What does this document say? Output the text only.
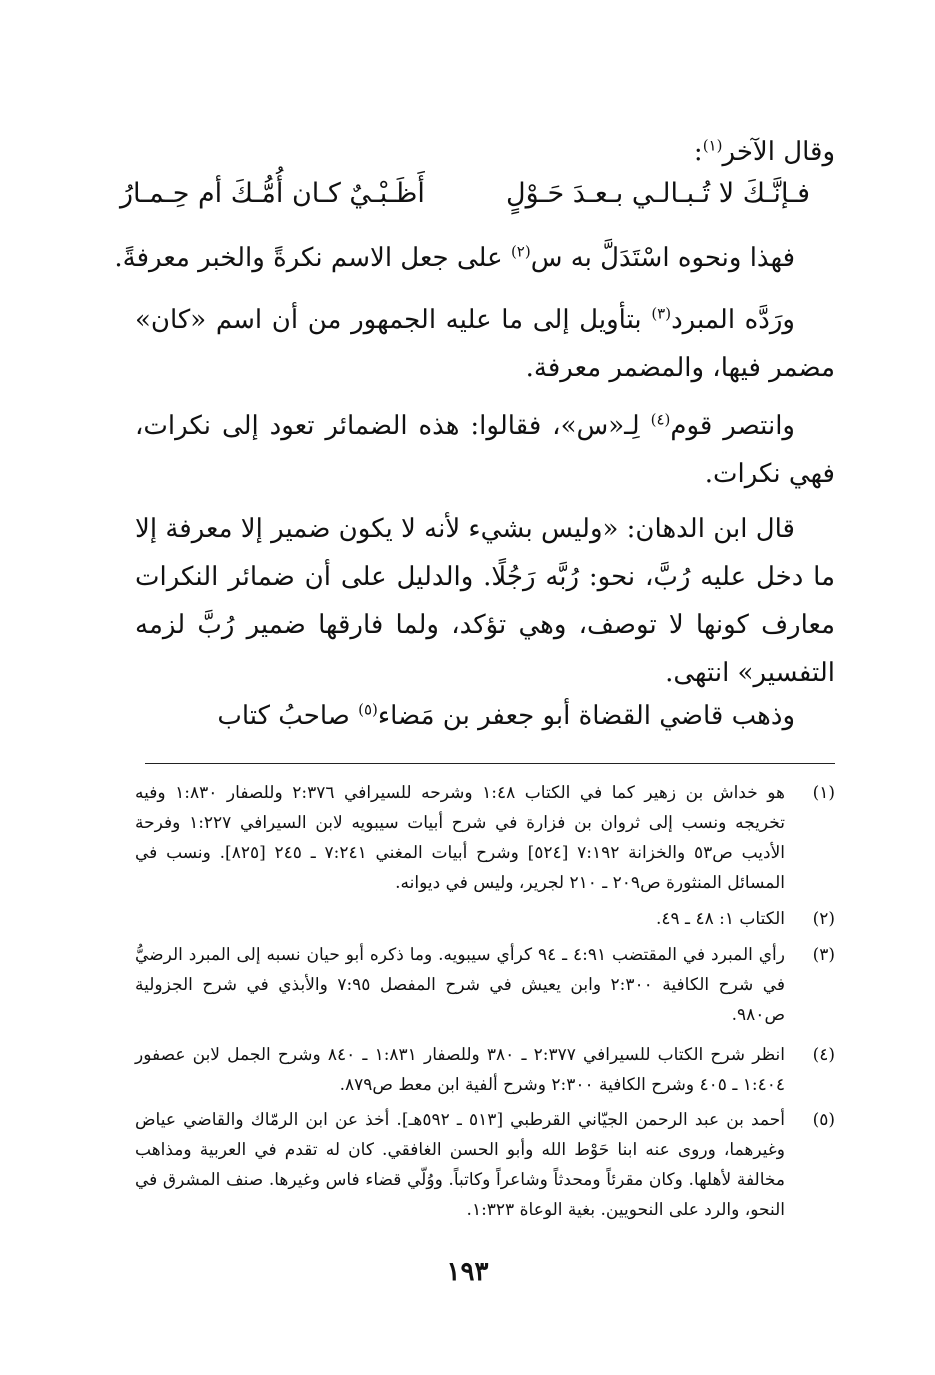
وقال الآخر$^{(١)}$:
فـإنَّـكَ لا تُـبـالـي بـعـدَ حَـوْلٍ
أَظَـبْـيٌ كـان أُمُّـكَ أم حِـمـارُ
فهذا ونحوه اسْتَدَلَّ به س$^{(٢)}$ على جعل الاسم نكرةً والخبر معرفةً.
ورَدَّه المبرد$^{(٣)}$ بتأويل إلى ما عليه الجمهور من أن اسم «كان» مضمر فيها، والمضمر معرفة.
وانتصر قوم$^{(٤)}$ لِـ«س»، فقالوا: هذه الضمائر تعود إلى نكرات، فهي نكرات.
قال ابن الدهان: «وليس بشيء لأنه لا يكون ضمير إلا معرفة إلا ما دخل عليه رُبَّ، نحو: رُبَّه رَجُلًا. والدليل على أن ضمائر النكرات معارف كونها لا توصف، وهي تؤكد، ولما فارقها ضمير رُبَّ لزمه التفسير» انتهى.
وذهب قاضي القضاة أبو جعفر بن مَضاء$^{(٥)}$ صاحبُ كتاب
(١)
هو خداش بن زهير كما في الكتاب ١:٤٨ وشرحه للسيرافي ٢:٣٧٦ وللصفار ١:٨٣٠ وفيه تخريجه ونسب إلى ثروان بن فزارة في شرح أبيات سيبويه لابن السيرافي ١:٢٢٧ وفرحة الأديب ص٥٣ والخزانة ٧:١٩٢ [٥٢٤] وشرح أبيات المغني ٧:٢٤١ ـ ٢٤٥ [٨٢٥]. ونسب في المسائل المنثورة ص٢٠٩ ـ ٢١٠ لجرير، وليس في ديوانه.
(٢)
الكتاب ١: ٤٨ ـ ٤٩.
(٣)
رأي المبرد في المقتضب ٤:٩١ ـ ٩٤ كرأي سيبويه. وما ذكره أبو حيان نسبه إلى المبرد الرضيُّ في شرح الكافية ٢:٣٠٠ وابن يعيش في شرح المفصل ٧:٩٥ والأبذي في شرح الجزولية ص٩٨٠.
(٤)
انظر شرح الكتاب للسيرافي ٢:٣٧٧ ـ ٣٨٠ وللصفار ١:٨٣١ ـ ٨٤٠ وشرح الجمل لابن عصفور ١:٤٠٤ ـ ٤٠٥ وشرح الكافية ٢:٣٠٠ وشرح ألفية ابن معط ص٨٧٩.
(٥)
أحمد بن عبد الرحمن الجيّاني القرطبي [٥١٣ ـ ٥٩٢هـ]. أخذ عن ابن الرمّاك والقاضي عياض وغيرهما، وروى عنه ابنا حَوْط الله وأبو الحسن الغافقي. كان له تقدم في العربية ومذاهب مخالفة لأهلها. وكان مقرئاً ومحدثاً وشاعراً وكاتباً. ووُلّي قضاء فاس وغيرها. صنف المشرق في النحو، والرد على النحويين. بغية الوعاة ١:٣٢٣.
١٩٣
